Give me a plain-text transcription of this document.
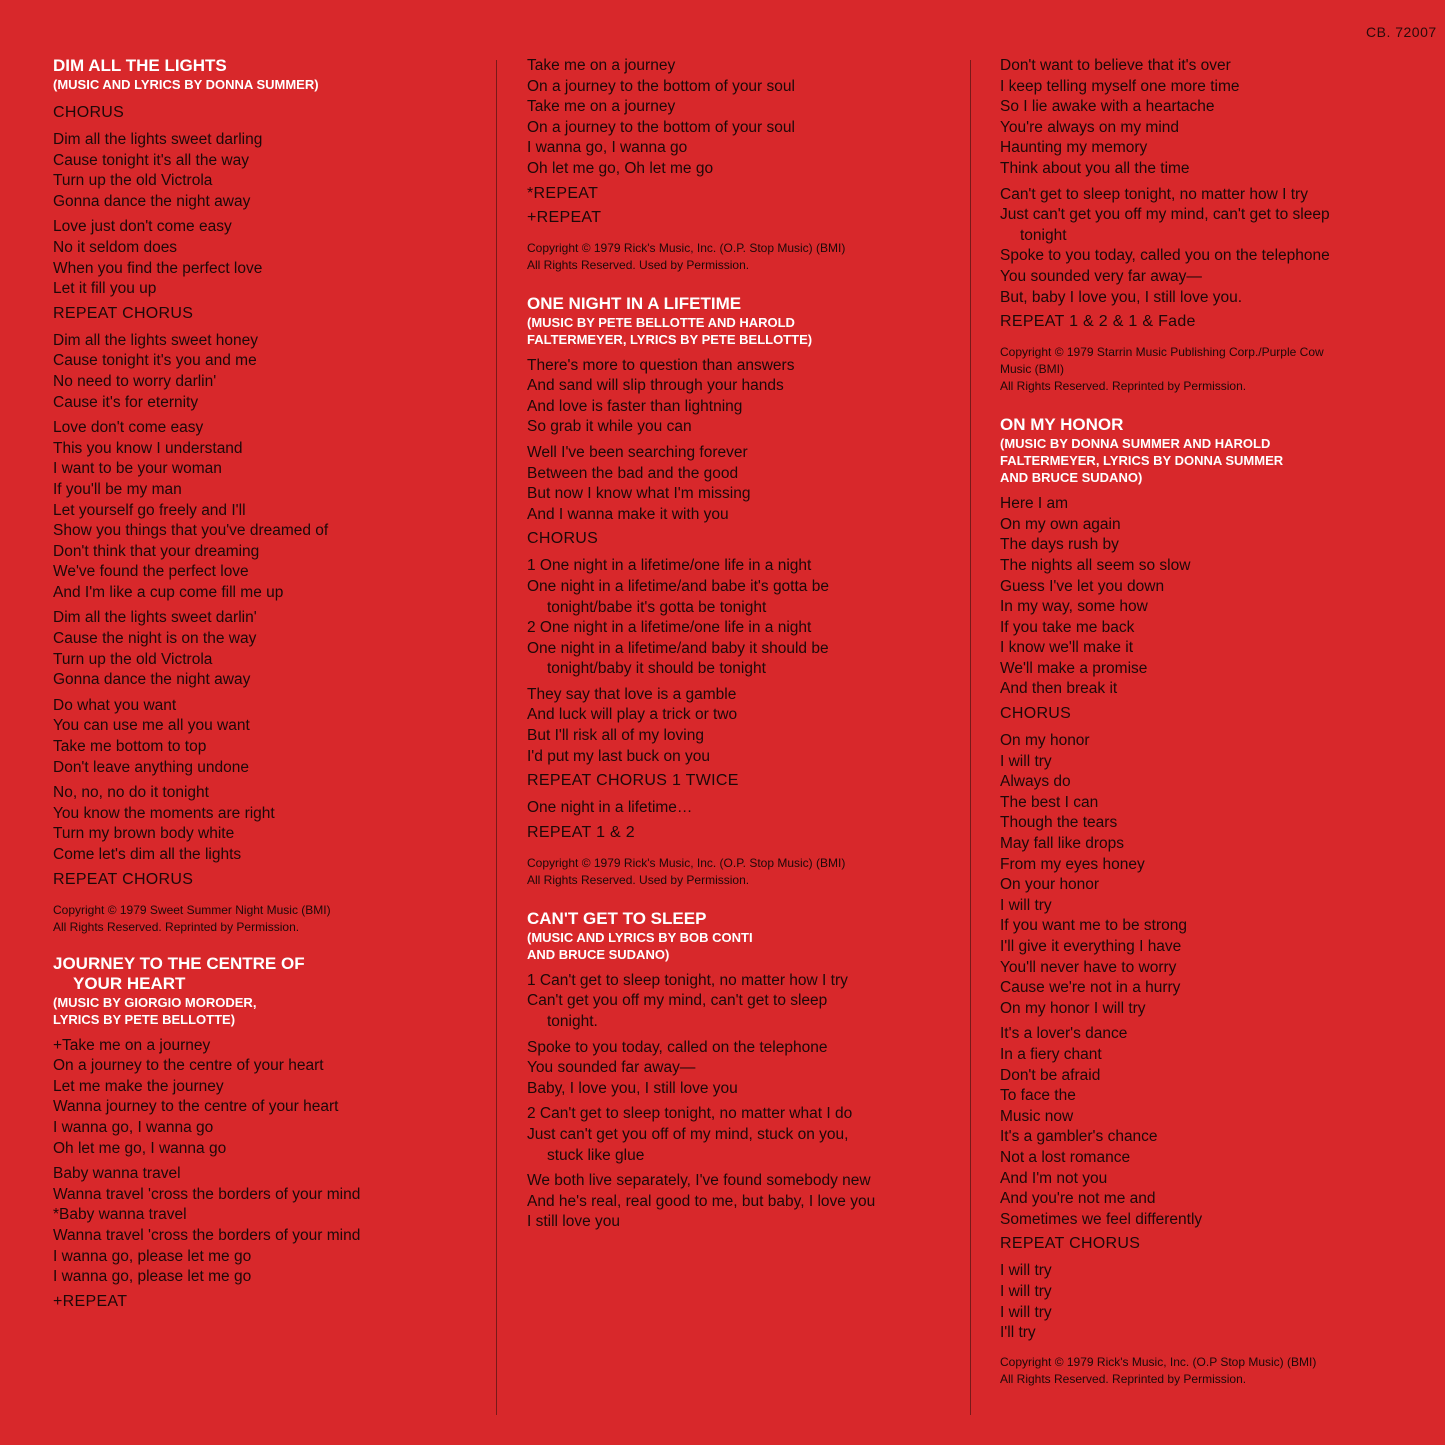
CB. 72007
DIM ALL THE LIGHTS
(MUSIC AND LYRICS BY DONNA SUMMER)
CHORUS
Dim all the lights sweet darling
Cause tonight it's all the way
Turn up the old Victrola
Gonna dance the night away
Love just don't come easy
No it seldom does
When you find the perfect love
Let it fill you up
REPEAT CHORUS
Dim all the lights sweet honey
Cause tonight it's you and me
No need to worry darlin'
Cause it's for eternity
Love don't come easy
This you know I understand
I want to be your woman
If you'll be my man
Let yourself go freely and I'll
Show you things that you've dreamed of
Don't think that your dreaming
We've found the perfect love
And I'm like a cup come fill me up
Dim all the lights sweet darlin'
Cause the night is on the way
Turn up the old Victrola
Gonna dance the night away
Do what you want
You can use me all you want
Take me bottom to top
Don't leave anything undone
No, no, no do it tonight
You know the moments are right
Turn my brown body white
Come let's dim all the lights
REPEAT CHORUS
Copyright © 1979 Sweet Summer Night Music (BMI)
All Rights Reserved. Reprinted by Permission.
JOURNEY TO THE CENTRE OF
YOUR HEART
(MUSIC BY GIORGIO MORODER,
LYRICS BY PETE BELLOTTE)
+Take me on a journey
On a journey to the centre of your heart
Let me make the journey
Wanna journey to the centre of your heart
I wanna go, I wanna go
Oh let me go, I wanna go
Baby wanna travel
Wanna travel 'cross the borders of your mind
*Baby wanna travel
Wanna travel 'cross the borders of your mind
I wanna go, please let me go
I wanna go, please let me go
+REPEAT
Take me on a journey
On a journey to the bottom of your soul
Take me on a journey
On a journey to the bottom of your soul
I wanna go, I wanna go
Oh let me go, Oh let me go
*REPEAT
+REPEAT
Copyright © 1979 Rick's Music, Inc. (O.P. Stop Music) (BMI)
All Rights Reserved. Used by Permission.
ONE NIGHT IN A LIFETIME
(MUSIC BY PETE BELLOTTE AND HAROLD
FALTERMEYER, LYRICS BY PETE BELLOTTE)
There's more to question than answers
And sand will slip through your hands
And love is faster than lightning
So grab it while you can
Well I've been searching forever
Between the bad and the good
But now I know what I'm missing
And I wanna make it with you
CHORUS
1 One night in a lifetime/one life in a night
One night in a lifetime/and babe it's gotta be
tonight/babe it's gotta be tonight
2 One night in a lifetime/one life in a night
One night in a lifetime/and baby it should be
tonight/baby it should be tonight
They say that love is a gamble
And luck will play a trick or two
But I'll risk all of my loving
I'd put my last buck on you
REPEAT CHORUS 1 TWICE
One night in a lifetime…
REPEAT 1 & 2
Copyright © 1979 Rick's Music, Inc. (O.P. Stop Music) (BMI)
All Rights Reserved. Used by Permission.
CAN'T GET TO SLEEP
(MUSIC AND LYRICS BY BOB CONTI
AND BRUCE SUDANO)
1 Can't get to sleep tonight, no matter how I try
Can't get you off my mind, can't get to sleep
tonight.
Spoke to you today, called on the telephone
You sounded far away—
Baby, I love you, I still love you
2 Can't get to sleep tonight, no matter what I do
Just can't get you off of my mind, stuck on you,
stuck like glue
We both live separately, I've found somebody new
And he's real, real good to me, but baby, I love you
I still love you
Don't want to believe that it's over
I keep telling myself one more time
So I lie awake with a heartache
You're always on my mind
Haunting my memory
Think about you all the time
Can't get to sleep tonight, no matter how I try
Just can't get you off my mind, can't get to sleep
tonight
Spoke to you today, called you on the telephone
You sounded very far away—
But, baby I love you, I still love you.
REPEAT 1 & 2 & 1 & Fade
Copyright © 1979 Starrin Music Publishing Corp./Purple Cow
Music (BMI)
All Rights Reserved. Reprinted by Permission.
ON MY HONOR
(MUSIC BY DONNA SUMMER AND HAROLD
FALTERMEYER, LYRICS BY DONNA SUMMER
AND BRUCE SUDANO)
Here I am
On my own again
The days rush by
The nights all seem so slow
Guess I've let you down
In my way, some how
If you take me back
I know we'll make it
We'll make a promise
And then break it
CHORUS
On my honor
I will try
Always do
The best I can
Though the tears
May fall like drops
From my eyes honey
On your honor
I will try
If you want me to be strong
I'll give it everything I have
You'll never have to worry
Cause we're not in a hurry
On my honor I will try
It's a lover's dance
In a fiery chant
Don't be afraid
To face the
Music now
It's a gambler's chance
Not a lost romance
And I'm not you
And you're not me and
Sometimes we feel differently
REPEAT CHORUS
I will try
I will try
I will try
I'll try
Copyright © 1979 Rick's Music, Inc. (O.P Stop Music) (BMI)
All Rights Reserved. Reprinted by Permission.
